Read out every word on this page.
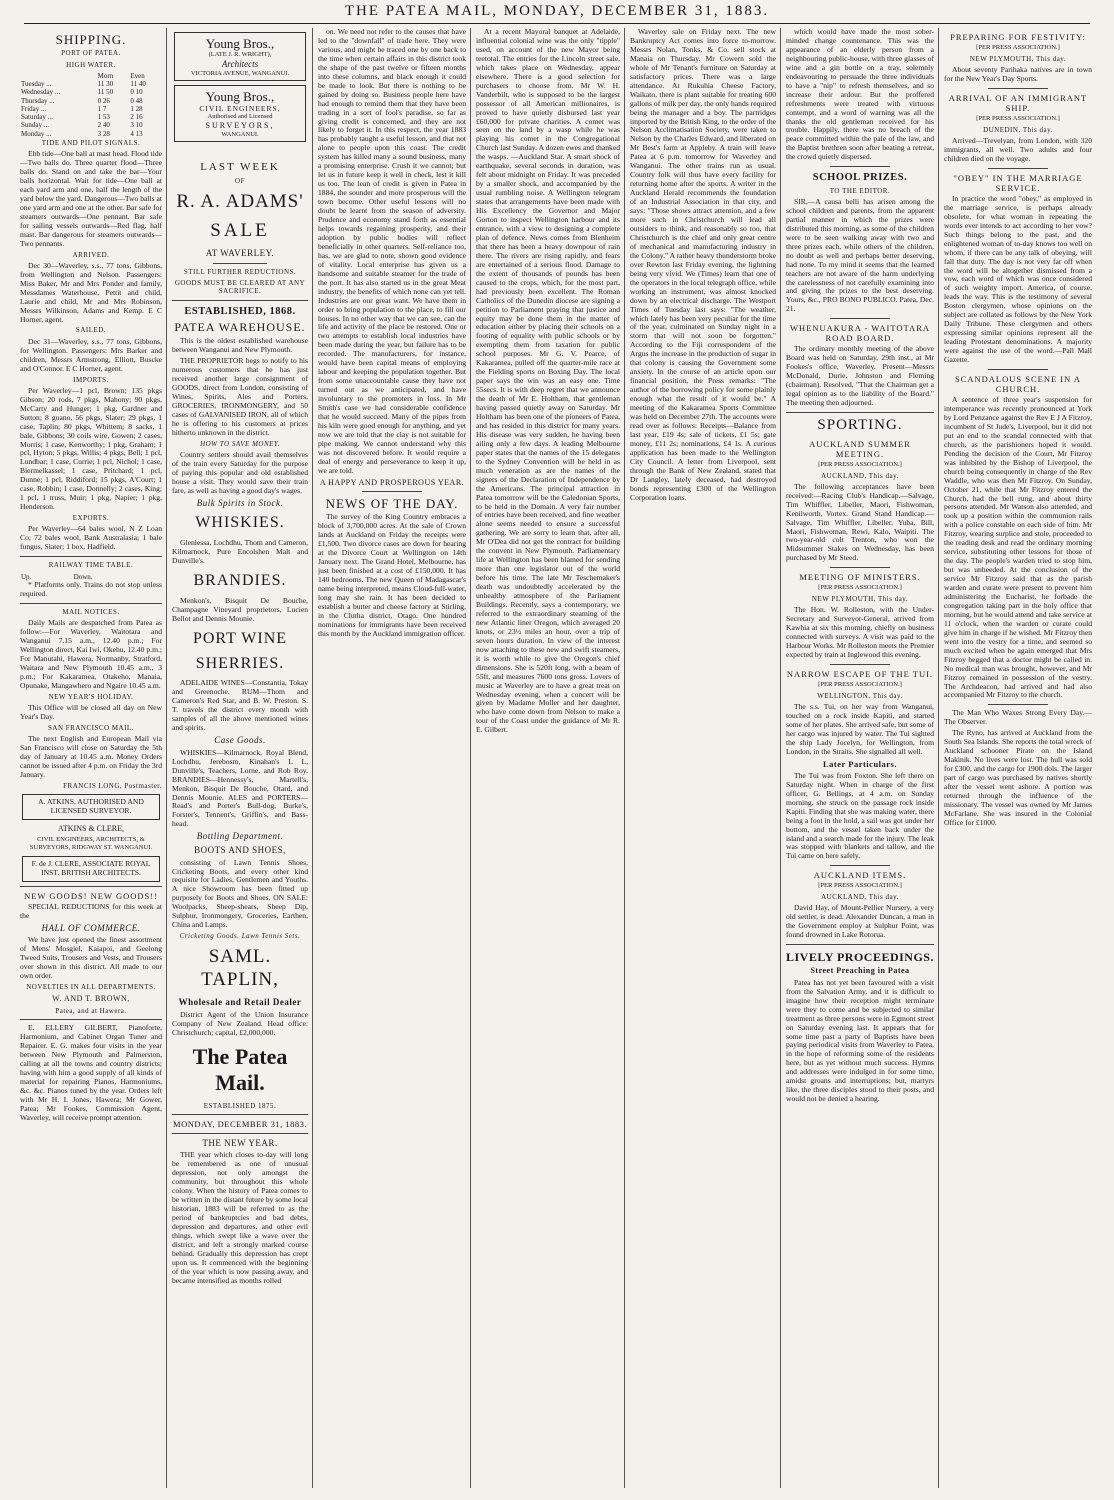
THE PATEA MAIL, MONDAY, DECEMBER 31, 1883.
SHIPPING.
PORT OF PATEA.
HIGH WATER.
	Morn	Even
Tuesday ...	11 30	11 40
Wednesday ...	11 50	0 10
Thursday ...	0 26	0 48
Friday ...	1 7	1 28
Saturday ...	1 53	2 16
Sunday ...	2 40	3 10
Monday ...	3 28	4 13
TIDE AND PILOT SIGNALS.

Ebb tide—One ball at mast head. Flood tide—Two balls do. Three quarter flood—Three balls do. Stand on and take the bar—Your balls horizontal. Wait for tide—One ball at each yard arm and one, half the length of the yard below the yard. Dangerous—Two balls at one yard arm and one at the other. Bar safe for steamers outwards—One pennant. Bar safe for sailing vessels outwards—Red flag, half mast. Bar dangerous for steamers outwards—Two pennants.

ARRIVED.

Dec 30—Waverley, s.s., 77 tons, Gibbons, from Wellington and Nelson. Passengers: Miss Baker, Mr and Mrs Ponder and family, Messdames Waterhouse, Pettit and child, Laurie and child, Mr and Mrs Robinson, Messrs Wilkinson, Adams and Kemp. E C Horner, agent.

SAILED.

Dec 31—Waverley, s.s., 77 tons, Gibbons, for Wellington. Passengers: Mrs Barker and children, Messrs Armstrong, Elliott, Buscke and O'Connor. E C Horner, agent.

IMPORTS.

Per Waverley—1 pcl, Brown; 135 pkgs Gibson; 20 rods, 7 pkgs, Mahony; 90 pkgs, McCarty and Hunger; 1 pkg, Gardner and Sutton; 8 guano, 56 pkgs, Slater; 29 pkgs, 1 case, Taplin; 80 pkgs, Whittem; 8 sacks, 1 bale, Gibbons; 30 coils wire, Gowen; 2 cases, Morris; 1 case, Kenworthy; 1 pkg, Graham; 1 pcl, Hyton; 5 pkgs, Willis; 4 pkgs, Bell; 1 pcl, Lundbar; 1 case, Currie; 1 pcl, Nichol; 1 case, Biermelkassel; 1 case, Pritchard; 1 pcl, Dunne; 1 pcl, Riddiford; 15 pkgs, A'Court; 1 case, Robbin; 1 case, Donnelly; 2 cases, King; 1 pcl, 1 truss, Muir; 1 pkg, Napier; 1 pkg, Henderson.

EXPORTS.

Per Waverley—64 bales wool, N Z Loan Co; 72 bales wool, Bank Australasia; 1 bale fungus, Slater; 1 box, Hadfield.

RAILWAY TIME TABLE.
Up.	Down.

* Platforms only. Trains do not stop unless required.

MAIL NOTICES.

Daily Mails are despatched from Patea as follow:—For Waverley, Waitotara and Wanganui 7.15 a.m., 12.40 p.m.; For Wellington direct, Kai Iwi, Okehu, 12.40 p.m.; For Manutahi, Hawera, Normanby, Stratford, Waitara and New Plymouth 10.45 a.m., 3 p.m.; For Kakaramea, Otakeho, Manaia, Opunake, Mangawhero and Ngaire 10.45 a.m.

NEW YEAR'S HOLIDAY.

This Office will be closed all day on New Year's Day.

SAN FRANCISCO MAIL.

The next English and European Mail via San Francisco will close on Saturday the 5th day of January at 10.45 a.m. Money Orders cannot be issued after 4 p.m. on Friday the 3rd January.

FRANCIS LONG, Postmaster.
A. ATKINS, AUTHORISED AND LICENSED SURVEYOR.
ATKINS & CLERE,
CIVIL ENGINEERS, ARCHITECTS, & SURVEYORS, RIDGWAY ST. WANGANUI.
F. de J. CLERE, ASSOCIATE ROYAL INST. BRITISH ARCHITECTS.
NEW GOODS! NEW GOODS!!

SPECIAL REDUCTIONS for this week at the

HALL OF COMMERCE.

We have just opened the finest assortment of Mens' Mosgiel, Kaiapoi, and Geelong Tweed Suits, Trousers and Vests, and Trousers over shown in this district. All made to our own order.

NOVELTIES IN ALL DEPARTMENTS.
W. AND T. BROWN,
Patea, and at Hawera.

E. ELLERY GILBERT, Pianoforte, Harmonium, and Cabinet Organ Tuner and Repairer. E. G. makes four visits in the year between New Plymouth and Palmerston, calling at all the towns and country districts; having with him a good supply of all kinds of material for repairing Pianos, Harmoniums, &c. &c. Pianos tuned by the year. Orders left with Mr H. I. Jones, Hawera; Mr Gower, Patea; Mr Fookes, Commission Agent, Waverley, will receive prompt attention.

Young Bros.,
(LATE J. R. WRIGHT),
Architects
VICTORIA AVENUE, WANGANUI.
Young Bros.,
CIVIL ENGINEERS,
Authorised and Licensed
SURVEYORS,
WANGANUI.
LAST WEEK
OF
R. A. ADAMS'
SALE
AT WAVERLEY.
STILL FURTHER REDUCTIONS.
GOODS MUST BE CLEARED AT ANY SACRIFICE.
ESTABLISHED, 1868.
PATEA WAREHOUSE.

This is the oldest established warehouse between Wanganui and New Plymouth.

THE PROPRIETOR begs to notify to his numerous customers that he has just received another large consignment of GOODS, direct from London, consisting of Wines, Spirits, Ales and Porters, GROCERIES, IRONMONGERY, and 50 cases of GALVANISED IRON, all of which he is offering to his customers at prices hitherto unknown in the district.

HOW TO SAVE MONEY.

Country settlers should avail themselves of the train every Saturday for the purpose of paying this popular and old established house a visit. They would save their train fare, as well as having a good day's wages.

Bulk Spirits in Stock.
WHISKIES.

Glenlessa, Lochdhu, Thom and Cameron, Kilmarnock, Pure Encolshen Malt and Dunville's.

BRANDIES.

Menkon's, Bisquit De Bouche, Champagne Vineyard proprietors, Lucien Bellot and Dennis Mounie.

PORT WINE
SHERRIES.

ADELAIDE WINES—Constantia, Tokay and Greenoche. RUM—Thom and Cameron's Red Star, and B. W. Preston. S. T. travels the district every month with samples of all the above mentioned wines and spirits.

Case Goods.

WHISKIES—Kilmarnock, Royal Blend, Lochdhu, Jerebosm, Kinahan's L L, Dunville's, Teachers, Lorne, and Rob Roy. BRANDIES—Hennessy's, Martell's, Menkon, Bisquit De Bouche, Otard, and Dennis Mounie. ALES and PORTERS—Read's and Porter's Bull-dog, Burke's, Forster's, Tennent's, Griffin's, and Bass-head.

Bottling Department.
BOOTS AND SHOES,

consisting of Lawn Tennis Shoes, Cricketing Boots, and every other kind requisite for Ladies, Gentlemen and Youths. A nice Showroom has been fitted up purposely for Boots and Shoes. ON SALE: Woolpacks, Sheep-shears, Sheep Dip, Sulphur, Ironmongery, Groceries, Earthen, China and Lamps.

Cricketing Goods. Lawn Tennis Sets.
SAML. TAPLIN,
Wholesale and Retail Dealer

District Agent of the Union Insurance Company of New Zealand. Head office: Christchurch; capital, £2,000,000.

The Patea Mail.
ESTABLISHED 1875.
MONDAY, DECEMBER 31, 1883.
THE NEW YEAR.

THE year which closes to-day will long be remembered as one of unusual depression, not only amongst the community, but throughout this whole colony. When the history of Patea comes to be written in the distant future by some local historian, 1883 will be referred to as the period of bankruptcies and bad debts, depression and departures, and other evil things, which swept like a wave over the district, and left a strongly marked course behind. Gradually this depression has crept upon us. It commenced with the beginning of the year which is now passing away, and became intensified as months rolled

on. We need not refer to the causes that have led to the "downfall" of trade here. They were various, and might be traced one by one back to the time when certain affairs in this district took the shape of the past twelve or fifteen months into these columns, and black enough it could be made to look. But there is nothing to be gained by doing so. Business people here have had enough to remind them that they have been trading in a sort of fool's paradise, so far as giving credit is concerned, and they are not likely to forget it. In this respect, the year 1883 has probably taught a useful lesson, and that not alone to people upon this coast. The credit system has killed many a sound business, many a promising enterprise. Crush it we cannot; but let us in future keep it well in check, lest it kill us too. The lean of credit is given in Patea in 1884, the sounder and more prosperous will the town become. Other useful lessons will no doubt be learnt from the season of adversity. Prudence and economy stand forth as essential helps towards regaining prosperity, and their adoption by public bodies will reflect beneficially in other quarters. Self-reliance too, has, we are glad to note, shown good evidence of vitality. Local enterprise has given us a handsome and suitable steamer for the trade of the port. It has also started us in the great Meat industry, the benefits of which none can yet tell. Industries are our great want. We have them in order to bring population to the place, to fill our houses. In no other way that we can see, can the life and activity of the place be restored. One or two attempts to establish local industries have been made during the year, but failure has to be recorded. The manufacturers, for instance, would have been capital means of employing labour and keeping the population together. But from some unaccountable cause they have not turned out as we anticipated, and have involuntary to the promoters in loss. In Mr Smith's case we had considerable confidence that he would succeed. Many of the pipes from his kiln were good enough for anything, and yet now we are told that the clay is not suitable for pipe making. We cannot understand why this was not discovered before. It would require a deal of energy and perseverance to keep it up, we are told.

A HAPPY AND PROSPEROUS YEAR.
NEWS OF THE DAY.

The survey of the King Country embraces a block of 3,700,000 acres. At the sale of Crown lands at Auckland on Friday the receipts were £1,500. Two divorce cases are down for hearing at the Divorce Court at Wellington on 14th January next. The Grand Hotel, Melbourne, has just been finished at a cost of £150,000. It has 140 bedrooms. The new Queen of Madagascar's name being interpreted, means Cloud-full-water, long may she rain. It has been decided to establish a butter and cheese factory at Stirling, in the Clutha district, Otago. One hundred nominations for immigrants have been received this month by the Auckland immigration officer.

At a recent Mayoral banquet at Adelaide, influential colonial wine was the only "tipple" used, on account of the new Mayor being teetotal. The entries for the Lincoln street sale, which takes place on Wednesday, appear elsewhere. There is a good selection for purchasers to choose from. Mr W. H. Vanderbilt, who is supposed to be the largest possessor of all American millionaires, is proved to have quietly disbursed last year £60,000 for private charities. A comet was seen on the land by a wasp while he was playing his comet in the Congregational Church last Sunday. A dozen ewes and thanked the wasps. —Auckland Star. A smart shock of earthquake, several seconds in duration, was felt about midnight on Friday. It was preceded by a smaller shock, and accompanied by the usual rumbling noise. A Wellington telegram states that arrangements have been made with His Excellency the Governor and Major Gorton to inspect Wellington harbour and its entrance, with a view to designing a complete plan of defence. News comes from Blenheim that there has been a heavy downpour of rain there. The rivers are rising rapidly, and fears are entertained of a serious flood. Damage to the extent of thousands of pounds has been caused to the crops, which, for the most part, had previously been excellent. The Roman Catholics of the Dunedin diocese are signing a petition to Parliament praying that justice and equity may be done them in the matter of education either by placing their schools on a footing of equality with public schools or by exempting them from taxation for public school purposes. Mr G. V. Pearce, of Kakaramea, pulled off the quarter-mile race at the Fielding sports on Boxing Day. The local paper says the win was an easy one. Time 55secs. It is with deep regret that we announce the death of Mr E. Holtham, that gentleman having passed quietly away on Saturday. Mr Holtham has been one of the pioneers of Patea, and has resided in this district for many years. His disease was very sudden, he having been ailing only a few days. A leading Melbourne paper states that the names of the 15 delegates to the Sydney Convention will be held in as much veneration as are the names of the signers of the Declaration of Independence by the Americans. The principal attraction in Patea tomorrow will be the Caledonian Sports, to be held in the Domain. A very fair number of entries have been received, and fine weather alone seems needed to ensure a successful gathering. We are sorry to learn that, after all, Mr O'Dea did not get the contract for building the convent in New Plymouth. Parliamentary life at Wellington has been blamed for sending more than one legislator out of the world before his time. The late Mr Teschemaker's death was undoubtedly accelerated by the unhealthy atmosphere of the Parliament Buildings. Recently, says a contemporary, we referred to the extraordinary steaming of the new Atlantic liner Oregon, which averaged 20 knots, or 23½ miles an hour, over a trip of seven hours duration. In view of the interest now attaching to these new and swift steamers, it is worth while to give the Oregon's chief dimensions. She is 520ft long, with a beam of 55ft, and measures 7600 tons gross. Lovers of music at Waverley are to have a great treat on Wednesday evening, when a concert will be given by Madame Moller and her daughter, who have come down from Nelson to make a tour of the Coast under the guidance of Mr R. E. Gilbert.

Waverley sale on Friday next. The new Bankruptcy Act comes into force to-morrow. Messrs Nolan, Tonks, & Co. sell stock at Manaia on Thursday. Mr Cowern sold the whole of Mr Tenant's furniture on Saturday at satisfactory prices. There was a large attendance. At Rukuhia Cheese Factory, Waikato, there is plant suitable for treating 600 gallons of milk per day, the only hands required being the manager and a boy. The partridges imported by the British King, to the order of the Nelson Acclimatisation Society, were taken to Nelson by the Charles Edward, and liberated on Mr Best's farm at Appleby. A train will leave Patea at 6 p.m. tomorrow for Waverley and Wanganui. The other trains run as usual. Country folk will thus have every facility for returning home after the sports. A writer in the Auckland Herald recommends the foundation of an Industrial Association in that city, and says: "Those shows attract attention, and a few more such in Christchurch will lead all outsiders to think, and reasonably so too, that Christchurch is the chief and only great centre of mechanical and manufacturing industry in the Colony." A rather heavy thunderstorm broke over Rewton last Friday evening, the lightning being very vivid. We (Times) learn that one of the operators in the local telegraph office, while working an instrument, was almost knocked down by an electrical discharge. The Westport Times of Tuesday last says: "The weather, which lately has been very peculiar for the time of the year, culminated on Sunday night in a storm that will not soon be forgotten." According to the Fiji correspondent of the Argus the increase in the production of sugar in that colony is causing the Government some anxiety. In the course of an article upon our financial position, the Press remarks: "The author of the borrowing policy for some plainly enough what the result of it would be." A meeting of the Kakaramea Sports Committee was held on December 27th. The accounts were read over as follows: Receipts—Balance from last year, £19 4s; sale of tickets, £1 5s; gate money, £11 2s; nominations, £4 1s. A curious application has been made to the Wellington City Council. A letter from Liverpool, sent through the Bank of New Zealand, stated that Dr Langley, lately deceased, had destroyed bonds representing £300 of the Wellington Corporation loans.

which would have made the most sober-minded change countenance. This was the appearance of an elderly person from a neighbouring public-house, with three glasses of wine and a gin bottle on a tray, solemnly endeavouring to persuade the three individuals to have a "nip" to refresh themselves, and so increase their ardour. But the proffered refreshments were treated with virtuous contempt, and a word of warning was all the thanks the old gentleman received for his trouble. Happily, there was no breach of the peace committed within the pale of the law, and the Baptist brethren soon after beating a retreat, the crowd quietly dispersed.

SCHOOL PRIZES.
TO THE EDITOR.

SIR,—A causa belli has arisen among the school children and parents, from the apparent partial manner in which the prizes were distributed this morning, as some of the children were to be seen walking away with two and three prizes each, while others of the children, no doubt as well and perhaps better deserving, had none. To my mind it seems that the learned teachers are not aware of the harm underlying the carelessness of not carefully examining into and giving the prizes to the best deserving. Yours, &c., PRO BONO PUBLICO. Patea, Dec. 21.

WHENUAKURA - WAITOTARA ROAD BOARD.

The ordinary monthly meeting of the above Board was held on Saturday, 29th inst., at Mr Fookes's office, Waverley. Present—Messrs McDonald, Durie, Johnston and Fleming (chairman). Resolved, "That the Chairman get a legal opinion as to the liability of the Board." The meeting then adjourned.

SPORTING.
AUCKLAND SUMMER MEETING.
[PER PRESS ASSOCIATION.]
AUCKLAND, This day.

The following acceptances have been received:—Racing Club's Handicap.—Salvage, Tim Whiffler, Libeller, Maori, Fishwoman, Kenilworth, Vortex. Grand Stand Handicap.—Salvage, Tim Whiffler, Libeller, Yuba, Bill, Maori, Fishwoman, Rewi, Kalo, Waipiti. The two-year-old colt Trenton, who won the Midsummer Stakes on Wednesday, has been purchased by Mr Steed.

MEETING OF MINISTERS.
[PER PRESS ASSOCIATION.]
NEW PLYMOUTH, This day.

The Hon. W. Rolleston, with the Under-Secretary and Surveyor-General, arrived from Kawhia at six this morning, chiefly on business connected with surveys. A visit was paid to the Harbour Works. Mr Rolleston meets the Premier expected by train at Inglewood this evening.

NARROW ESCAPE OF THE TUI.
[PER PRESS ASSOCIATION.]
WELLINGTON, This day.

The s.s. Tui, on her way from Wanganui, touched on a rock inside Kapiti, and started some of her plates. She arrived safe, but some of her cargo was injured by water. The Tui sighted the ship Lady Jocelyn, for Wellington, from London, in the Straits. She signalled all well.

Later Particulars.

The Tui was from Foxton. She left there on Saturday night. When in charge of the first officer, G. Bellings, at 4 a.m. on Sunday morning, she struck on the passage rock inside Kapiti. Finding that she was making water, there being a foot in the hold, a sail was got under her bottom, and the vessel taken back under the island and a search made for the injury. The leak was stopped with blankets and tallow, and the Tui came on here safely.

AUCKLAND ITEMS.
[PER PRESS ASSOCIATION.]
AUCKLAND, This day.

David Hay, of Mount-Pellier Nursery, a very old settler, is dead. Alexander Duncan, a man in the Government employ at Sulphur Point, was found drowned in Lake Rotorua.

LIVELY PROCEEDINGS.
Street Preaching in Patea

Patea has not yet been favoured with a visit from the Salvation Army, and it is difficult to imagine how their reception might terminate were they to come and be subjected to similar treatment as three persons were in Egmont street on Saturday evening last. It appears that for some time past a party of Baptists have been paying periodical visits from Waverley to Patea, in the hope of reforming some of the residents here, but as yet without much success. Hymns and addresses were indulged in for some time, amidst groans and interruptions; but, martyrs like, the three disciples stood to their posts, and would not be denied a hearing.

PREPARING FOR FESTIVITY:
[PER PRESS ASSOCIATION.]
NEW PLYMOUTH, This day.

About seventy Parihaka natives are in town for the New Year's Day Sports.

ARRIVAL OF AN IMMIGRANT SHIP.
[PER PRESS ASSOCIATION.]
DUNEDIN, This day.

Arrived—Trevelyan, from London, with 320 immigrants, all well. Two adults and four children died on the voyage.

"OBEY" IN THE MARRIAGE SERVICE.

In practice the word "obey," as employed in the marriage service, is perhaps already obsolete, for what woman in repeating the words ever intends to act according to her vow? Such things belong to the past, and the enlightened woman of to-day knows too well on whom, if there can be any talk of obeying, will fall that duty. The day is not very far off when the word will be altogether dismissed from a vow, each word of which was once considered of such weighty import. America, of course, leads the way. This is the testimony of several Boston clergymen, whose opinions on the subject are collated as follows by the New York Daily Tribune. These clergymen and others expressing similar opinions represent all the leading Protestant denominations. A majority were against the use of the word.—Pall Mall Gazette.

SCANDALOUS SCENE IN A CHURCH.

A sentence of three year's suspension for intemperance was recently pronounced at York by Lord Penzance against the Rev E J A Fitzroy, incumbent of St Jude's, Liverpool, but it did not put an end to the scandal connected with that church, as the parishioners hoped it would. Pending the decision of the Court, Mr Fitzroy was inhibited by the Bishop of Liverpool, the church being consequently in charge of the Rev Waddle, who was then Mr Fitzroy. On Sunday, October 21, while that Mr Fitzroy entered the Church, had the bell rung, and about thirty persons attended. Mr Watson also attended, and took up a position within the communion rails with a police constable on each side of him. Mr Fitzroy, wearing surplice and stole, proceeded to the reading desk and read the ordinary morning service, substituting other lessons for those of the day. The people's warden tried to stop him, but was unheeded. At the conclusion of the service Mr Fitzroy said that as the parish warden and curate were present to prevent him administering the Eucharist, he forbade the congregation taking part in the holy office that morning, but he would attend and take service at 11 o'clock, when the warden or curate could give him in charge if he wished. Mr Fitzroy then went into the vestry for a time, and seemed so much excited when he again emerged that Mrs Fitzroy begged that a doctor might be called in. No medical man was brought, however, and Mr Fitzroy remained in possession of the vestry. The Archdeacon, had arrived and had also accompanied Mr Fitzroy to the church.

The Man Who Waxes Strong Every Day.—The Observer.

The Ryno, has arrived at Auckland from the South Sea Islands. She reports the total wreck of Auckland schooner Pirate on the Island Makinik. No lives were lost. The hull was sold for £300, and the cargo for 1900 dols. The larger part of cargo was purchased by natives shortly after the vessel went ashore. A portion was returned through the influence of the missionary. The vessel was owned by Mr James McFarlane. She was insured in the Colonial Office for £1000.
